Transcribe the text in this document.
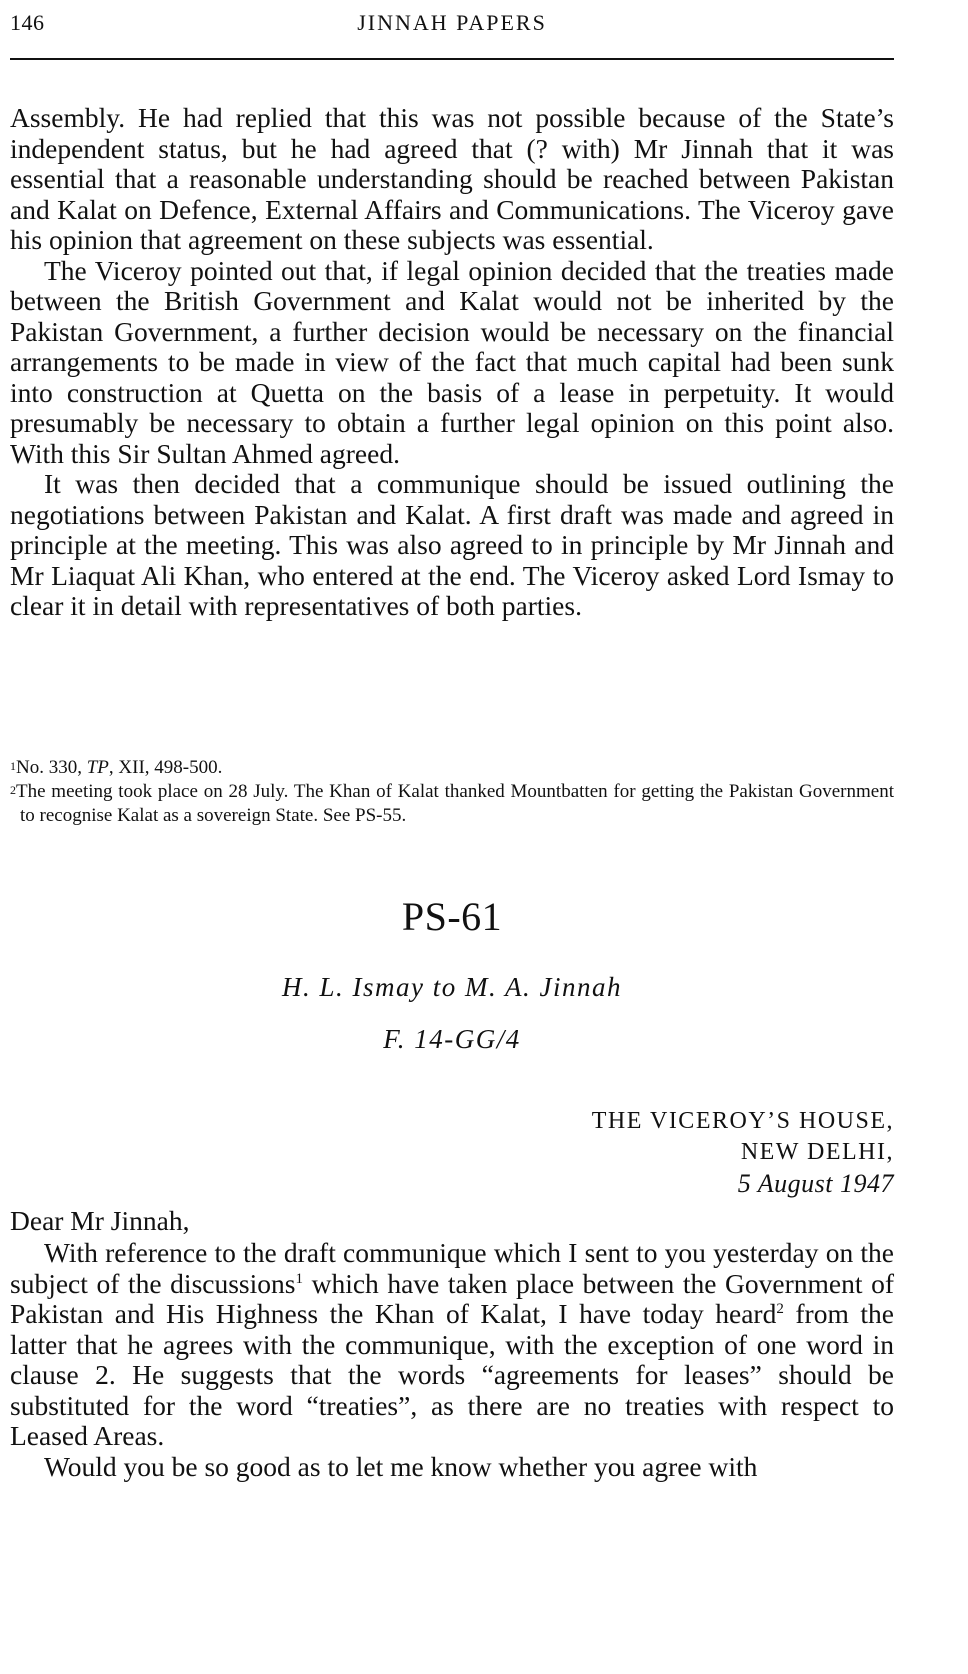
146	JINNAH PAPERS

Assembly. He had replied that this was not possible because of the State’s independent status, but he had agreed that (? with) Mr Jinnah that it was essential that a reasonable understanding should be reached between Pakistan and Kalat on Defence, External Affairs and Communications. The Viceroy gave his opinion that agreement on these subjects was essential.

The Viceroy pointed out that, if legal opinion decided that the treaties made between the British Government and Kalat would not be inherited by the Pakistan Government, a further decision would be necessary on the financial arrangements to be made in view of the fact that much capital had been sunk into construction at Quetta on the basis of a lease in perpetuity. It would presumably be necessary to obtain a further legal opinion on this point also. With this Sir Sultan Ahmed agreed.

It was then decided that a communique should be issued outlining the negotiations between Pakistan and Kalat. A first draft was made and agreed in principle at the meeting. This was also agreed to in principle by Mr Jinnah and Mr Liaquat Ali Khan, who entered at the end. The Viceroy asked Lord Ismay to clear it in detail with representatives of both parties.

$^1$No. 330, TP, XII, 498-500.

$^2$The meeting took place on 28 July. The Khan of Kalat thanked Mountbatten for getting the Pakistan Government to recognise Kalat as a sovereign State. See PS-55.

PS-61
H. L. Ismay to M. A. Jinnah
F. 14-GG/4
THE VICEROY’S HOUSE,
NEW DELHI,
5 August 1947
Dear Mr Jinnah,

With reference to the draft communique which I sent to you yesterday on the subject of the discussions$^1$ which have taken place between the Government of Pakistan and His Highness the Khan of Kalat, I have today heard$^2$ from the latter that he agrees with the communique, with the exception of one word in clause 2. He suggests that the words “agreements for leases” should be substituted for the word “treaties”, as there are no treaties with respect to Leased Areas.

Would you be so good as to let me know whether you agree with
